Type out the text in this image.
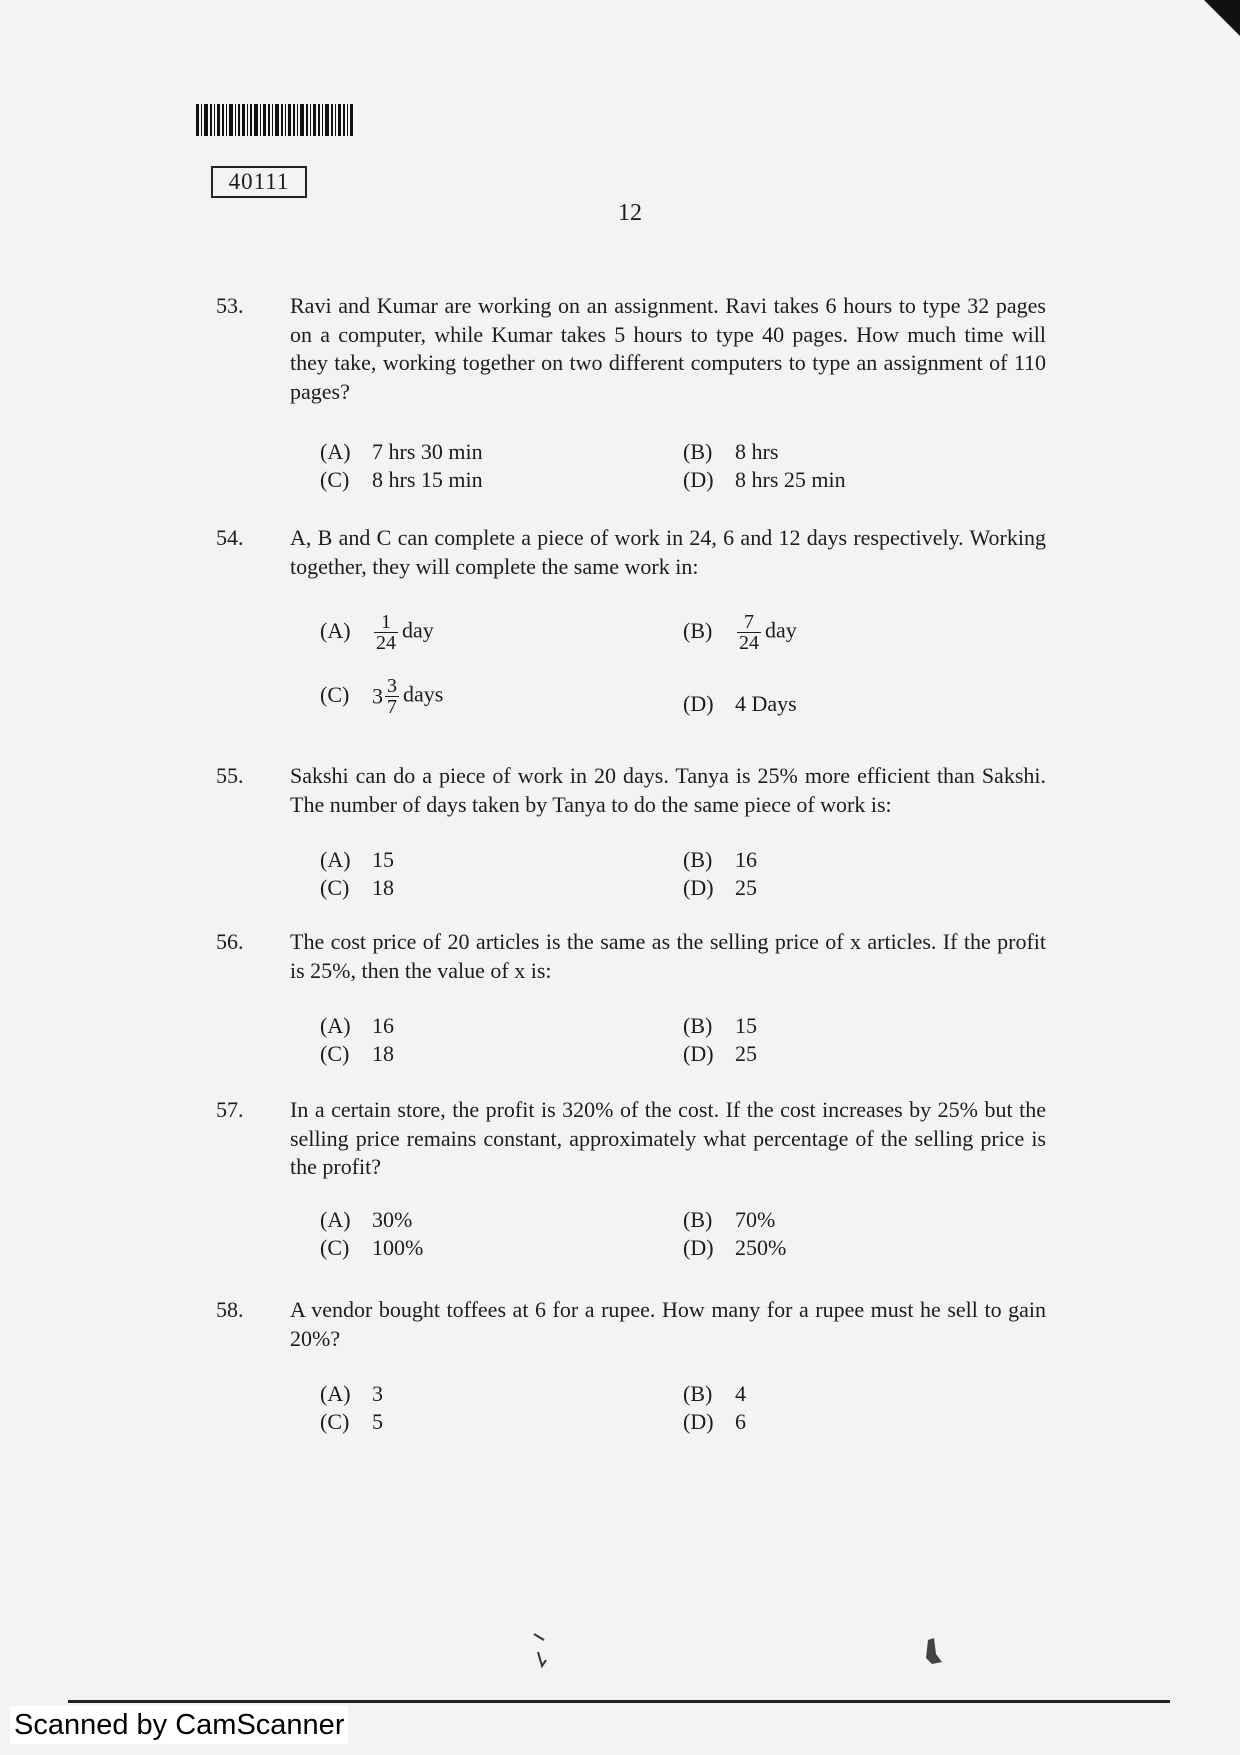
40111
12
53.	Ravi and Kumar are working on an assignment. Ravi takes 6 hours to type 32 pages on a computer, while Kumar takes 5 hours to type 40 pages. How much time will they take, working together on two different computers to type an assignment of 110 pages?
(A) 7 hrs 30 min	(B) 8 hrs
(C) 8 hrs 15 min	(D) 8 hrs 25 min
54.	A, B and C can complete a piece of work in 24, 6 and 12 days respectively. Working together, they will complete the same work in:
$(A) \frac{1}{24}$ day	$(B) \frac{7}{24}$ day
(C) $3 \frac{3}{7}$ days	(D) 4 Days
55.	Sakshi can do a piece of work in 20 days. Tanya is 25% more efficient than Sakshi. The number of days taken by Tanya to do the same piece of work is:
(A) 15	(B) 16
(C) 18	(D) 25
56.	The cost price of 20 articles is the same as the selling price of x articles. If the profit is 25%, then the value of x is:
(A) 16	(B) 15
(C) 18	(D) 25
57.	In a certain store, the profit is 320% of the cost. If the cost increases by 25% but the selling price remains constant, approximately what percentage of the selling price is the profit?
(A) 30%	(B) 70%
(C) 100%	(D) 250%
58.	A vendor bought toffees at 6 for a rupee. How many for a rupee must he sell to gain 20%?
(A) 3	(B) 4
(C) 5	(D) 6
Scanned by CamScanner
